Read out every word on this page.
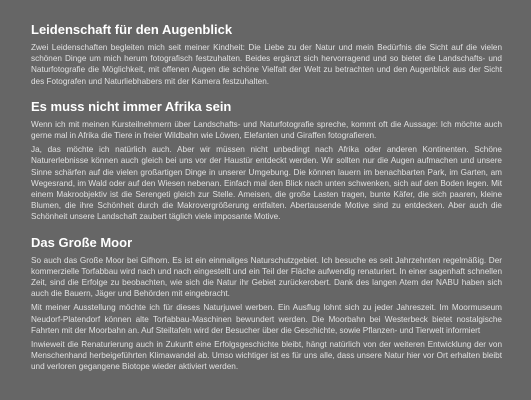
Leidenschaft für den Augenblick

Zwei Leidenschaften begleiten mich seit meiner Kindheit: Die Liebe zu der Natur und mein Bedürfnis die Sicht auf die vielen schönen Dinge um mich herum fotografisch festzuhalten. Beides ergänzt sich hervorragend und so bietet die Landschafts- und Naturfotografie die Möglichkeit, mit offenen Augen die schöne Vielfalt der Welt zu betrachten und den Augenblick aus der Sicht des Fotografen und Naturliebhabers mit der Kamera festzuhalten.

Es muss nicht immer Afrika sein

Wenn ich mit meinen Kursteilnehmern über Landschafts- und Naturfotografie spreche, kommt oft die Aussage: Ich möchte auch gerne mal in Afrika die Tiere in freier Wildbahn wie Löwen, Elefanten und Giraffen fotografieren.

Ja, das möchte ich natürlich auch. Aber wir müssen nicht unbedingt nach Afrika oder anderen Kontinenten. Schöne Naturerlebnisse können auch gleich bei uns vor der Haustür entdeckt werden. Wir sollten nur die Augen aufmachen und unsere Sinne schärfen auf die vielen großartigen Dinge in unserer Umgebung. Die können lauern im benachbarten Park, im Garten, am Wegesrand, im Wald oder auf den Wiesen nebenan. Einfach mal den Blick nach unten schwenken, sich auf den Boden legen. Mit einem Makroobjektiv ist die Serengeti gleich zur Stelle. Ameisen, die große Lasten tragen, bunte Käfer, die sich paaren, kleine Blumen, die ihre Schönheit durch die Makrovergrößerung entfalten. Abertausende Motive sind zu entdecken. Aber auch die Schönheit unsere Landschaft zaubert täglich viele imposante Motive.

Das Große Moor

So auch das Große Moor bei Gifhorn. Es ist ein einmaliges Naturschutzgebiet. Ich besuche es seit Jahrzehnten regelmäßig. Der kommerzielle Torfabbau wird nach und nach eingestellt und ein Teil der Fläche aufwendig renaturiert. In einer sagenhaft schnellen Zeit, sind die Erfolge zu beobachten, wie sich die Natur ihr Gebiet zurückerobert. Dank des langen Atem der NABU haben sich auch die Bauern, Jäger und Behörden mit eingebracht.

Mit meiner Ausstellung möchte ich für dieses Naturjuwel werben. Ein Ausflug lohnt sich zu jeder Jahreszeit. Im Moormuseum Neudorf-Platendorf können alte Torfabbau-Maschinen bewundert werden. Die Moorbahn bei Westerbeck bietet nostalgische Fahrten mit der Moorbahn an. Auf Steiltafeln wird der Besucher über die Geschichte, sowie Pflanzen- und Tierwelt informiert

Inwieweit die Renaturierung auch in Zukunft eine Erfolgsgeschichte bleibt, hängt natürlich von der weiteren Entwicklung der von Menschenhand herbeigeführten Klimawandel ab. Umso wichtiger ist es für uns alle, dass unsere Natur hier vor Ort erhalten bleibt und verloren gegangene Biotope wieder aktiviert werden.
